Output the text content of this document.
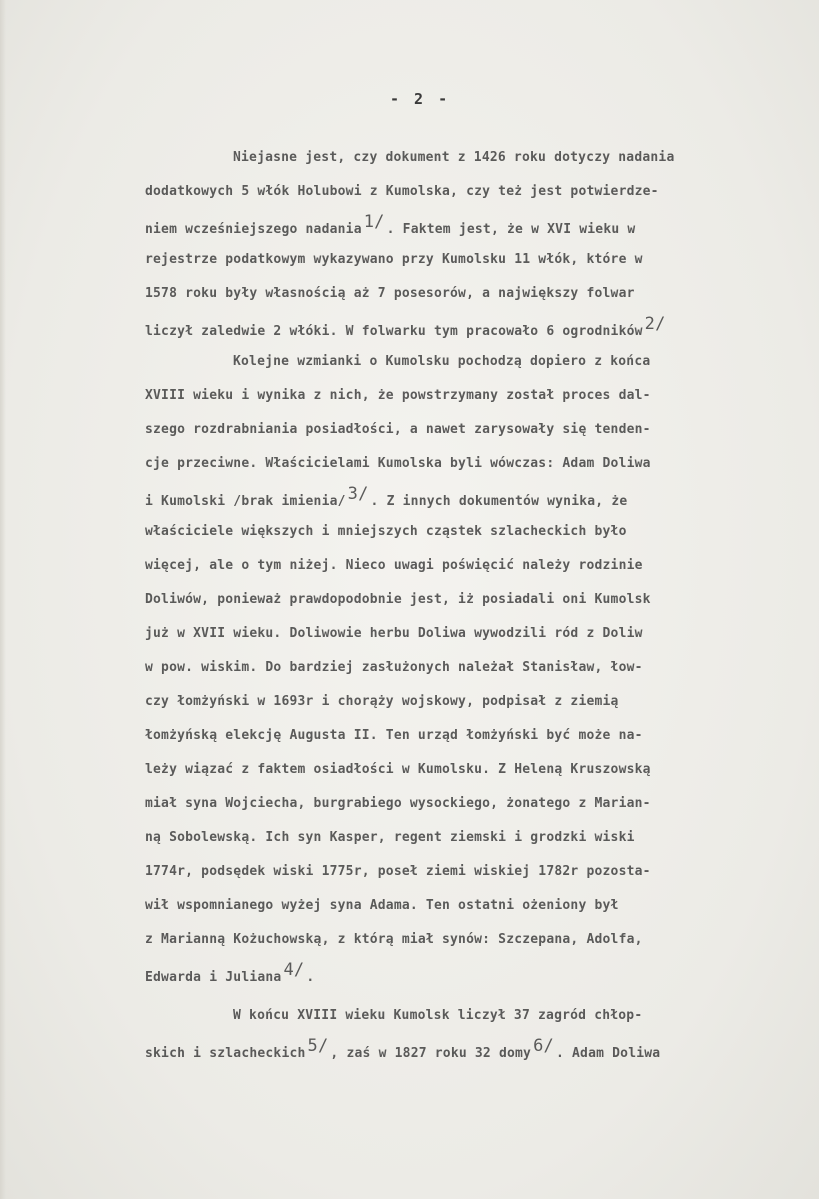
- 2 -
Niejasne jest, czy dokument z 1426 roku dotyczy nadania
dodatkowych 5 włók Holubowi z Kumolska, czy też jest potwierdze-
niem wcześniejszego nadania 1/ . Faktem jest, że w XVI wieku w
rejestrze podatkowym wykazywano przy Kumolsku 11 włók, które w
1578 roku były własnością aż 7 posesorów, a największy folwar
liczył zaledwie 2 włóki. W folwarku tym pracowało 6 ogrodników 2/
Kolejne wzmianki o Kumolsku pochodzą dopiero z końca
XVIII wieku i wynika z nich, że powstrzymany został proces dal-
szego rozdrabniania posiadłości, a nawet zarysowały się tenden-
cje przeciwne. Właścicielami Kumolska byli wówczas: Adam Doliwa
i Kumolski /brak imienia/ 3/ . Z innych dokumentów wynika, że
właściciele większych i mniejszych cząstek szlacheckich było
więcej, ale o tym niżej. Nieco uwagi poświęcić należy rodzinie
Doliwów, ponieważ prawdopodobnie jest, iż posiadali oni Kumolsk
już w XVII wieku. Doliwowie herbu Doliwa wywodzili ród z Doliw
w pow. wiskim. Do bardziej zasłużonych należał Stanisław, łow-
czy łomżyński w 1693r i chorąży wojskowy, podpisał z ziemią
łomżyńską elekcję Augusta II. Ten urząd łomżyński być może na-
leży wiązać z faktem osiadłości w Kumolsku. Z Heleną Kruszowską
miał syna Wojciecha, burgrabiego wysockiego, żonatego z Marian-
ną Sobolewską. Ich syn Kasper, regent ziemski i grodzki wiski
1774r, podsędek wiski 1775r, poseł ziemi wiskiej 1782r pozosta-
wił wspomnianego wyżej syna Adama. Ten ostatni ożeniony był
z Marianną Kożuchowską, z którą miał synów: Szczepana, Adolfa,
Edwarda i Juliana 4/ .
W końcu XVIII wieku Kumolsk liczył 37 zagród chłop-
skich i szlacheckich 5/ , zaś w 1827 roku 32 domy 6/ . Adam Doliwa
